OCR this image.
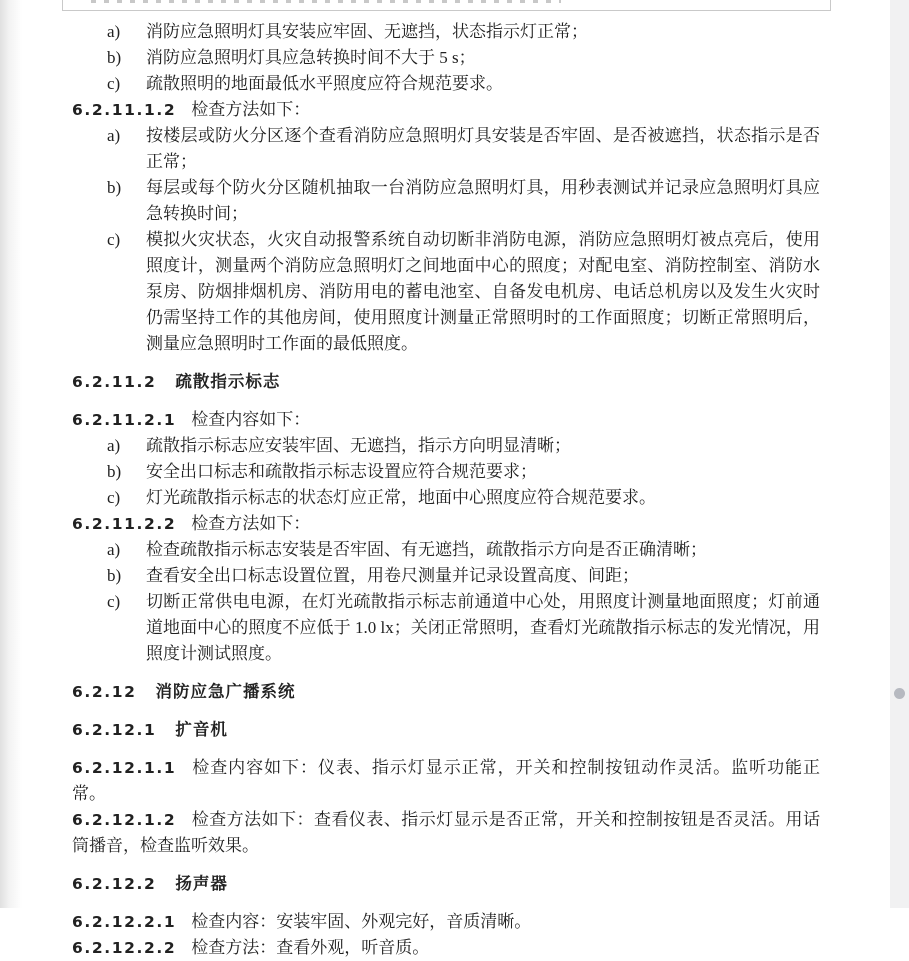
a) 消防应急照明灯具安装应牢固、无遮挡，状态指示灯正常；
b) 消防应急照明灯具应急转换时间不大于 5 s；
c) 疏散照明的地面最低水平照度应符合规范要求。
6.2.11.1.2 检查方法如下：
a) 按楼层或防火分区逐个查看消防应急照明灯具安装是否牢固、是否被遮挡，状态指示是否正常；
b) 每层或每个防火分区随机抽取一台消防应急照明灯具，用秒表测试并记录应急照明灯具应急转换时间；
c) 模拟火灾状态，火灾自动报警系统自动切断非消防电源，消防应急照明灯被点亮后，使用照度计，测量两个消防应急照明灯之间地面中心的照度；对配电室、消防控制室、消防水泵房、防烟排烟机房、消防用电的蓄电池室、自备发电机房、电话总机房以及发生火灾时仍需坚持工作的其他房间，使用照度计测量正常照明时的工作面照度；切断正常照明后，测量应急照明时工作面的最低照度。
6.2.11.2 疏散指示标志
6.2.11.2.1 检查内容如下：
a) 疏散指示标志应安装牢固、无遮挡，指示方向明显清晰；
b) 安全出口标志和疏散指示标志设置应符合规范要求；
c) 灯光疏散指示标志的状态灯应正常，地面中心照度应符合规范要求。
6.2.11.2.2 检查方法如下：
a) 检查疏散指示标志安装是否牢固、有无遮挡，疏散指示方向是否正确清晰；
b) 查看安全出口标志设置位置，用卷尺测量并记录设置高度、间距；
c) 切断正常供电电源，在灯光疏散指示标志前通道中心处，用照度计测量地面照度；灯前通道地面中心的照度不应低于 1.0 lx；关闭正常照明，查看灯光疏散指示标志的发光情况，用照度计测试照度。
6.2.12 消防应急广播系统
6.2.12.1 扩音机
6.2.12.1.1 检查内容如下：仪表、指示灯显示正常，开关和控制按钮动作灵活。监听功能正常。
6.2.12.1.2 检查方法如下：查看仪表、指示灯显示是否正常，开关和控制按钮是否灵活。用话筒播音，检查监听效果。
6.2.12.2 扬声器
6.2.12.2.1 检查内容：安装牢固、外观完好，音质清晰。
6.2.12.2.2 检查方法：查看外观，听音质。
